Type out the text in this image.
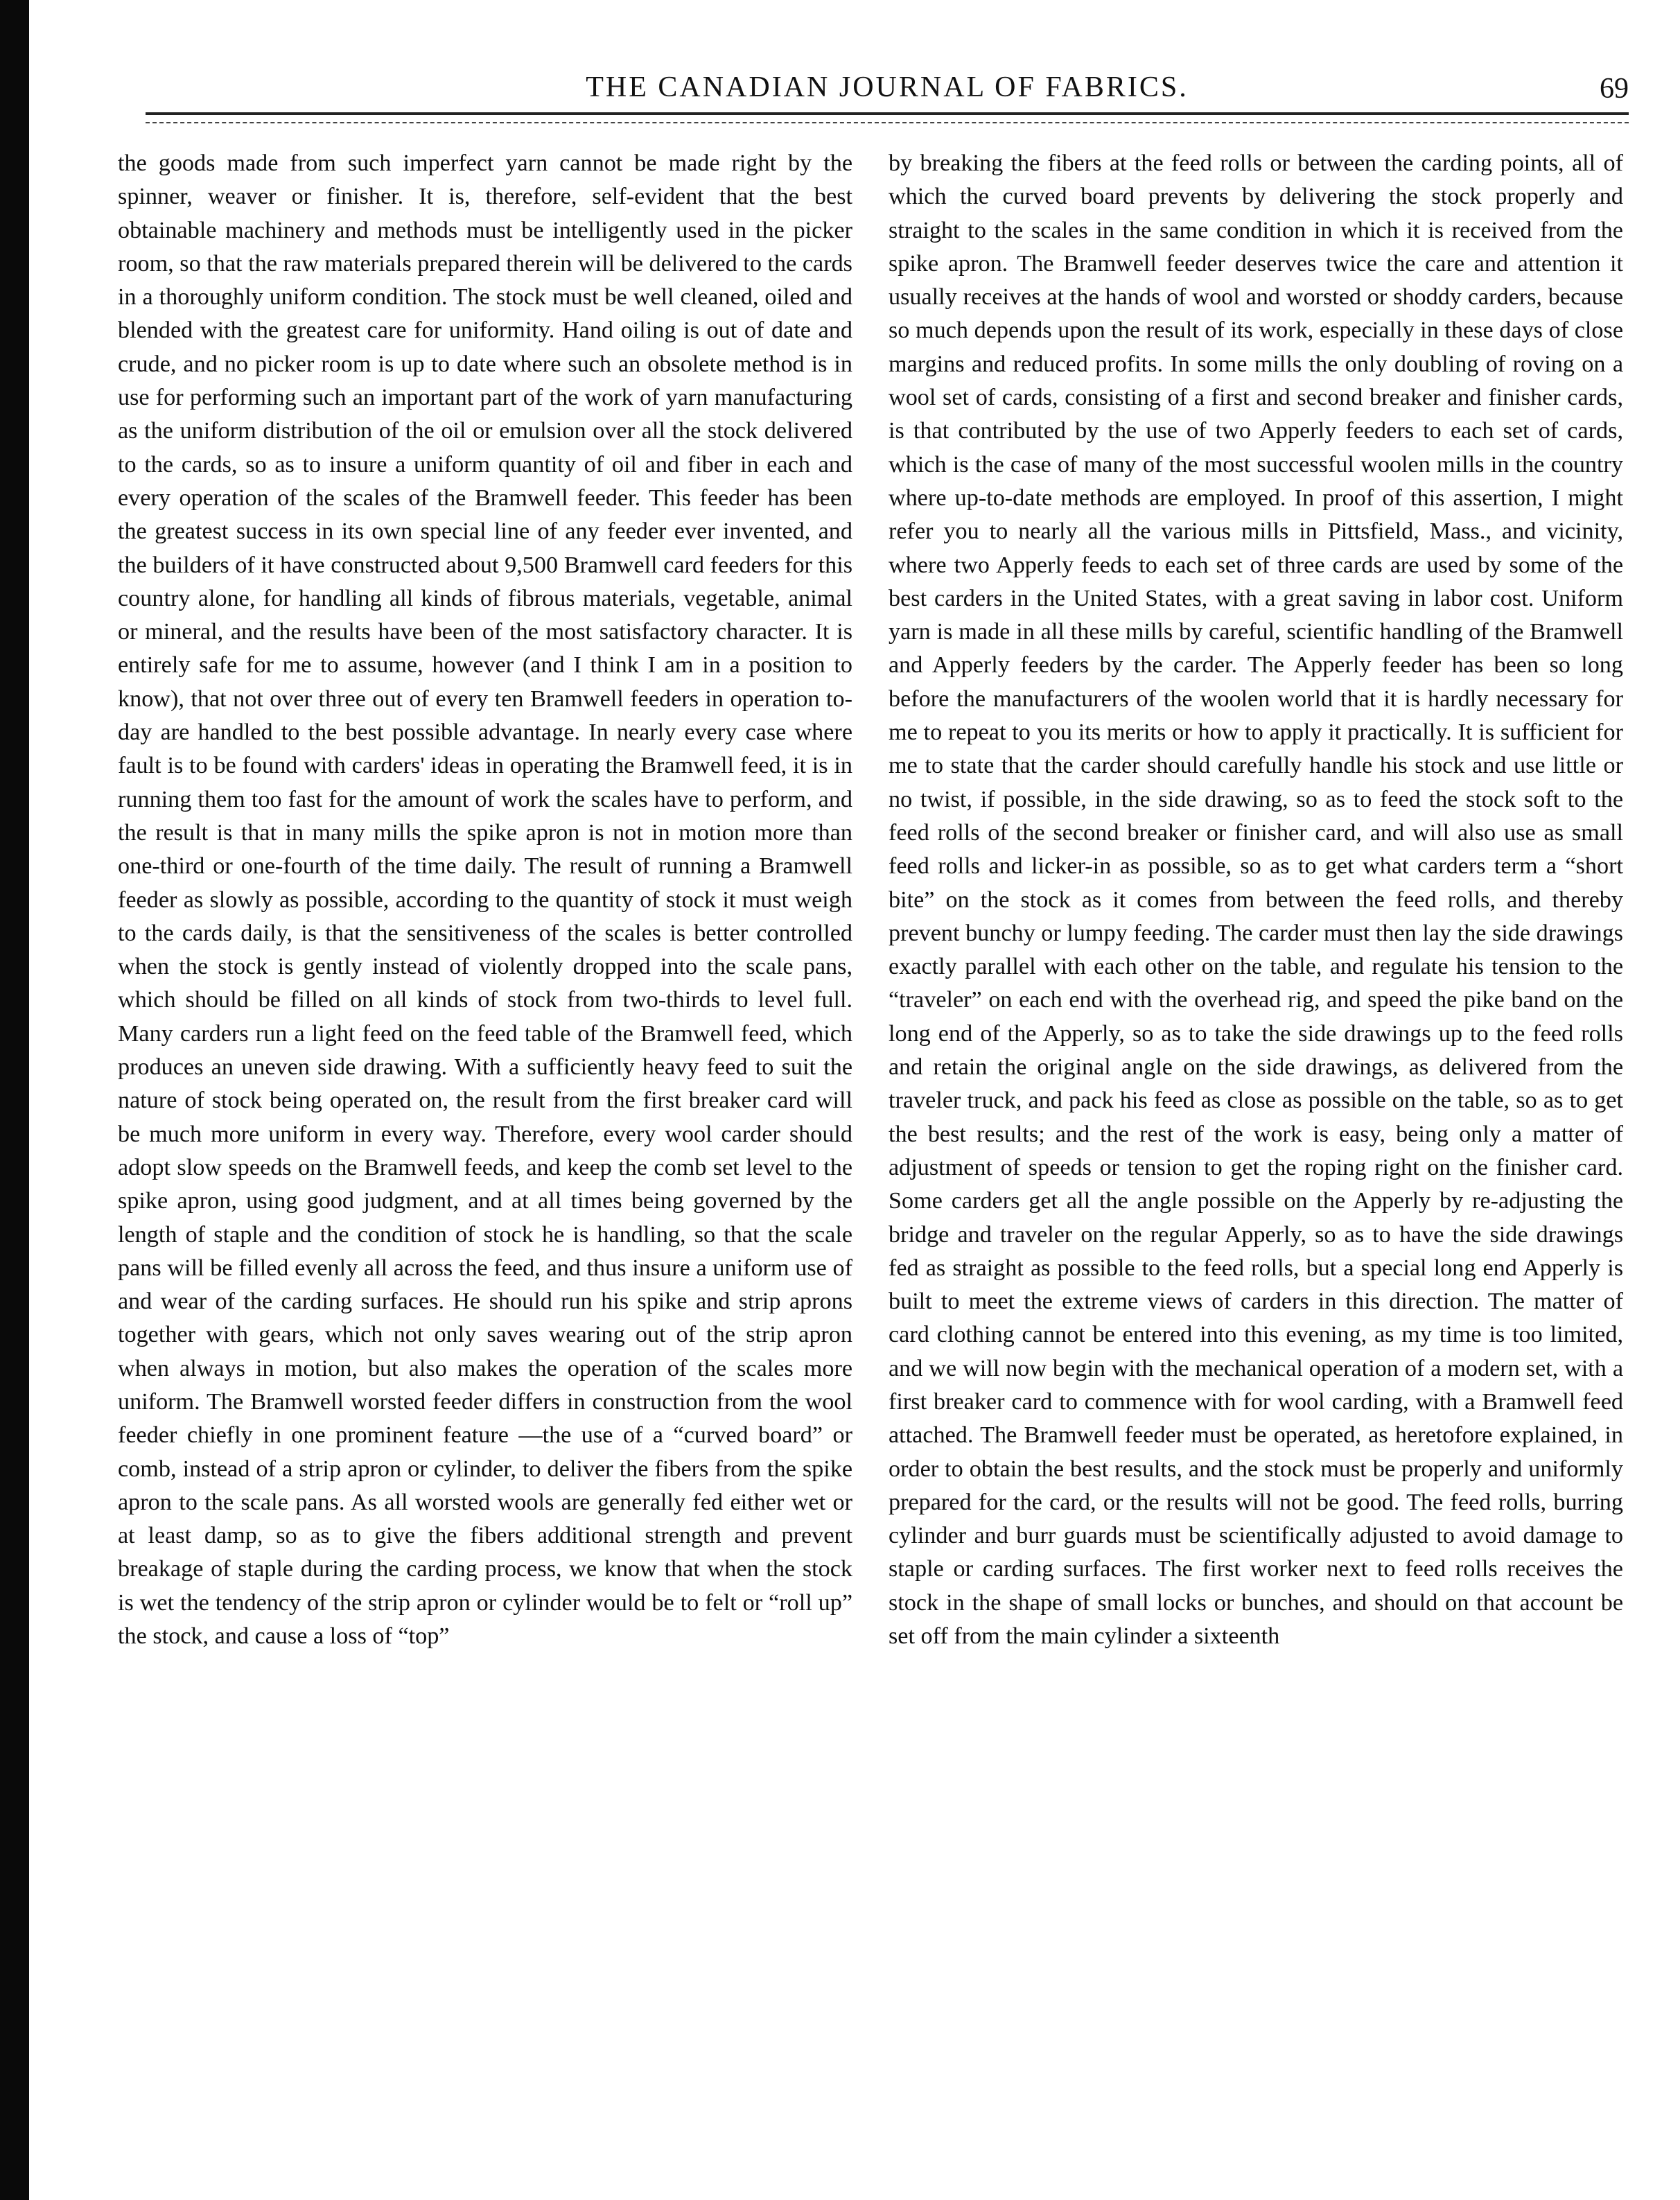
THE CANADIAN JOURNAL OF FABRICS.	69

the goods made from such imperfect yarn cannot be made right by the spinner, weaver or finisher. It is, therefore, self-evident that the best obtainable machinery and methods must be intelligently used in the picker room, so that the raw materials prepared therein will be delivered to the cards in a thoroughly uniform condition. The stock must be well cleaned, oiled and blended with the greatest care for uniformity. Hand oiling is out of date and crude, and no picker room is up to date where such an obsolete method is in use for performing such an important part of the work of yarn manufacturing as the uniform distribution of the oil or emulsion over all the stock delivered to the cards, so as to insure a uniform quantity of oil and fiber in each and every operation of the scales of the Bramwell feeder. This feeder has been the greatest success in its own special line of any feeder ever invented, and the builders of it have constructed about 9,500 Bramwell card feeders for this country alone, for handling all kinds of fibrous materials, vegetable, animal or mineral, and the results have been of the most satisfactory character. It is entirely safe for me to assume, however (and I think I am in a position to know), that not over three out of every ten Bramwell feeders in operation to-day are handled to the best possible advantage. In nearly every case where fault is to be found with carders' ideas in operating the Bramwell feed, it is in running them too fast for the amount of work the scales have to perform, and the result is that in many mills the spike apron is not in motion more than one-third or one-fourth of the time daily. The result of running a Bramwell feeder as slowly as possible, according to the quantity of stock it must weigh to the cards daily, is that the sensitiveness of the scales is better controlled when the stock is gently instead of violently dropped into the scale pans, which should be filled on all kinds of stock from two-thirds to level full. Many carders run a light feed on the feed table of the Bramwell feed, which produces an uneven side drawing. With a sufficiently heavy feed to suit the nature of stock being operated on, the result from the first breaker card will be much more uniform in every way. Therefore, every wool carder should adopt slow speeds on the Bramwell feeds, and keep the comb set level to the spike apron, using good judgment, and at all times being governed by the length of staple and the condition of stock he is handling, so that the scale pans will be filled evenly all across the feed, and thus insure a uniform use of and wear of the carding surfaces. He should run his spike and strip aprons together with gears, which not only saves wearing out of the strip apron when always in motion, but also makes the operation of the scales more uniform. The Bramwell worsted feeder differs in construction from the wool feeder chiefly in one prominent feature —the use of a “curved board” or comb, instead of a strip apron or cylinder, to deliver the fibers from the spike apron to the scale pans. As all worsted wools are generally fed either wet or at least damp, so as to give the fibers additional strength and prevent breakage of staple during the carding process, we know that when the stock is wet the tendency of the strip apron or cylinder would be to felt or “roll up” the stock, and cause a loss of “top”

by breaking the fibers at the feed rolls or between the carding points, all of which the curved board prevents by delivering the stock properly and straight to the scales in the same condition in which it is received from the spike apron. The Bramwell feeder deserves twice the care and attention it usually receives at the hands of wool and worsted or shoddy carders, because so much depends upon the result of its work, especially in these days of close margins and reduced profits. In some mills the only doubling of roving on a wool set of cards, consisting of a first and second breaker and finisher cards, is that contributed by the use of two Apperly feeders to each set of cards, which is the case of many of the most successful woolen mills in the country where up-to-date methods are employed. In proof of this assertion, I might refer you to nearly all the various mills in Pittsfield, Mass., and vicinity, where two Apperly feeds to each set of three cards are used by some of the best carders in the United States, with a great saving in labor cost. Uniform yarn is made in all these mills by careful, scientific handling of the Bramwell and Apperly feeders by the carder. The Apperly feeder has been so long before the manufacturers of the woolen world that it is hardly necessary for me to repeat to you its merits or how to apply it practically. It is sufficient for me to state that the carder should carefully handle his stock and use little or no twist, if possible, in the side drawing, so as to feed the stock soft to the feed rolls of the second breaker or finisher card, and will also use as small feed rolls and licker-in as possible, so as to get what carders term a “short bite” on the stock as it comes from between the feed rolls, and thereby prevent bunchy or lumpy feeding. The carder must then lay the side drawings exactly parallel with each other on the table, and regulate his tension to the “traveler” on each end with the overhead rig, and speed the pike band on the long end of the Apperly, so as to take the side drawings up to the feed rolls and retain the original angle on the side drawings, as delivered from the traveler truck, and pack his feed as close as possible on the table, so as to get the best results; and the rest of the work is easy, being only a matter of adjustment of speeds or tension to get the roping right on the finisher card. Some carders get all the angle possible on the Apperly by re-adjusting the bridge and traveler on the regular Apperly, so as to have the side drawings fed as straight as possible to the feed rolls, but a special long end Apperly is built to meet the extreme views of carders in this direction. The matter of card clothing cannot be entered into this evening, as my time is too limited, and we will now begin with the mechanical operation of a modern set, with a first breaker card to commence with for wool carding, with a Bramwell feed attached. The Bramwell feeder must be operated, as heretofore explained, in order to obtain the best results, and the stock must be properly and uniformly prepared for the card, or the results will not be good. The feed rolls, burring cylinder and burr guards must be scientifically adjusted to avoid damage to staple or carding surfaces. The first worker next to feed rolls receives the stock in the shape of small locks or bunches, and should on that account be set off from the main cylinder a sixteenth
